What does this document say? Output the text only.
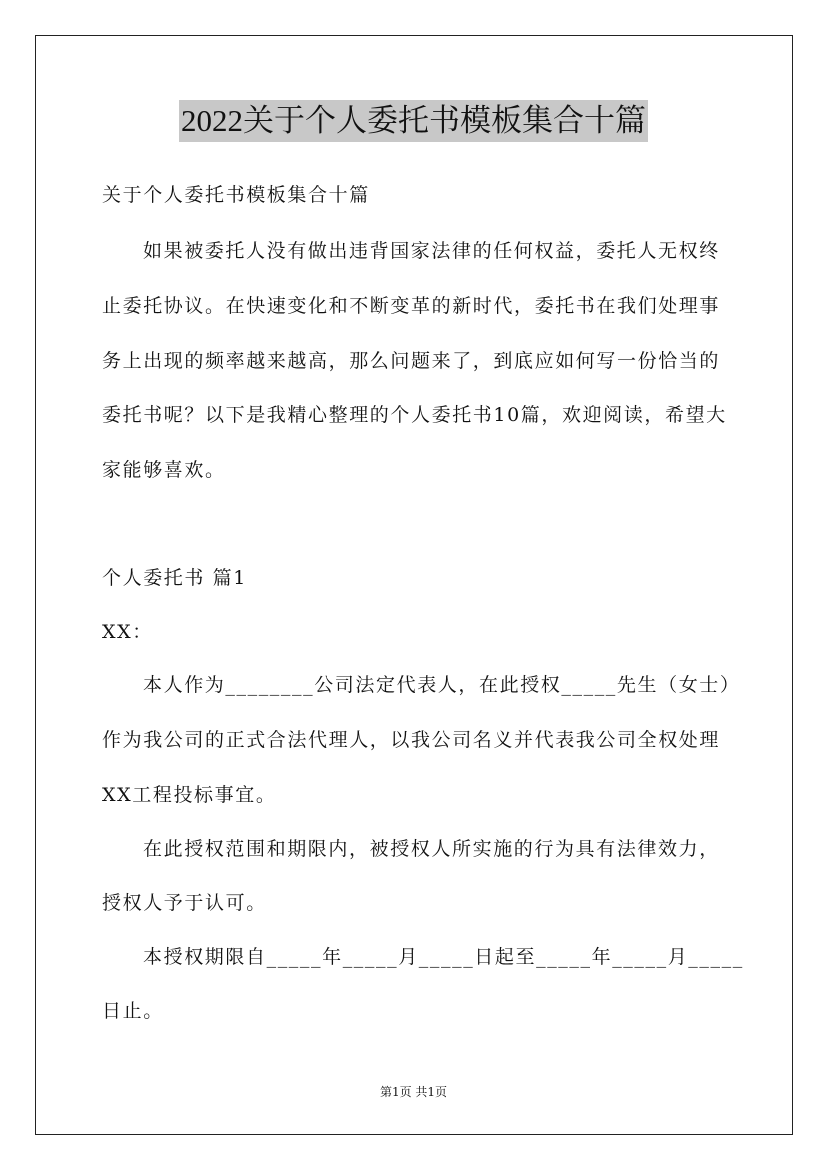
2022关于个人委托书模板集合十篇
关于个人委托书模板集合十篇
如果被委托人没有做出违背国家法律的任何权益，委托人无权终
止委托协议。在快速变化和不断变革的新时代，委托书在我们处理事
务上出现的频率越来越高，那么问题来了，到底应如何写一份恰当的
委托书呢？以下是我精心整理的个人委托书10篇，欢迎阅读，希望大
家能够喜欢。
个人委托书 篇1
XX：
本人作为________公司法定代表人，在此授权_____先生（女士）
作为我公司的正式合法代理人，以我公司名义并代表我公司全权处理
XX工程投标事宜。
在此授权范围和期限内，被授权人所实施的行为具有法律效力，
授权人予于认可。
本授权期限自_____年_____月_____日起至_____年_____月_____
日止。
第1页 共1页
